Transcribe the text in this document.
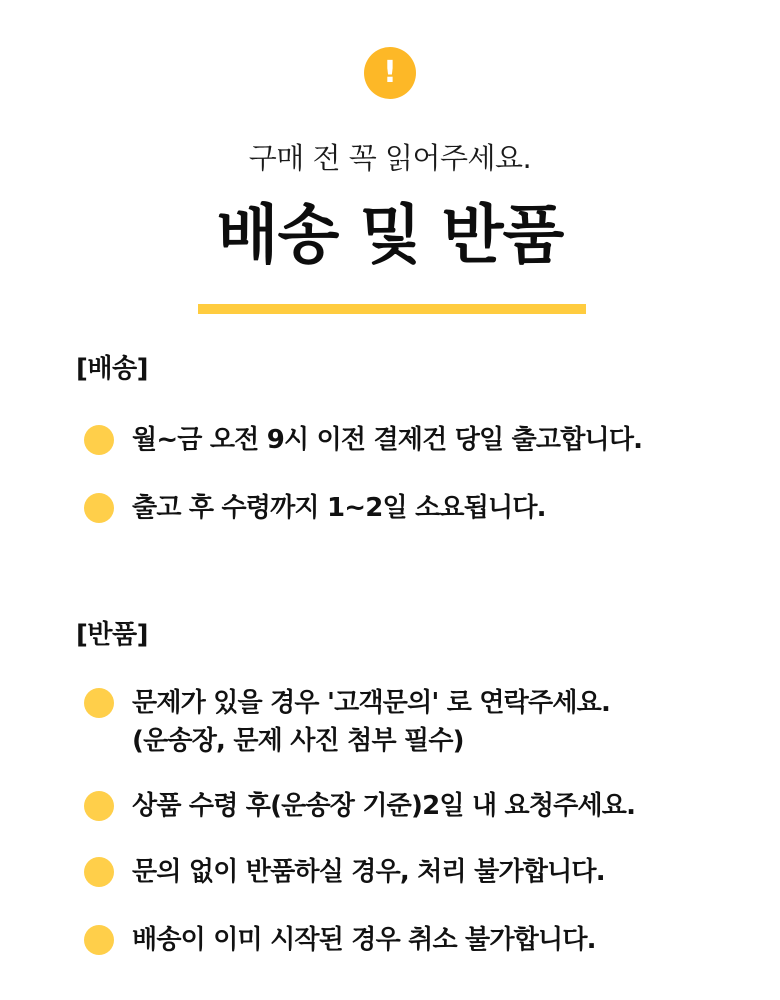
!
구매 전 꼭 읽어주세요.
배송 및 반품
[배송]
월~금 오전 9시 이전 결제건 당일 출고합니다.
출고 후 수령까지 1~2일 소요됩니다.
[반품]
문제가 있을 경우 '고객문의' 로 연락주세요.
(운송장, 문제 사진 첨부 필수)
상품 수령 후(운송장 기준)2일 내 요청주세요.
문의 없이 반품하실 경우, 처리 불가합니다.
배송이 이미 시작된 경우 취소 불가합니다.
